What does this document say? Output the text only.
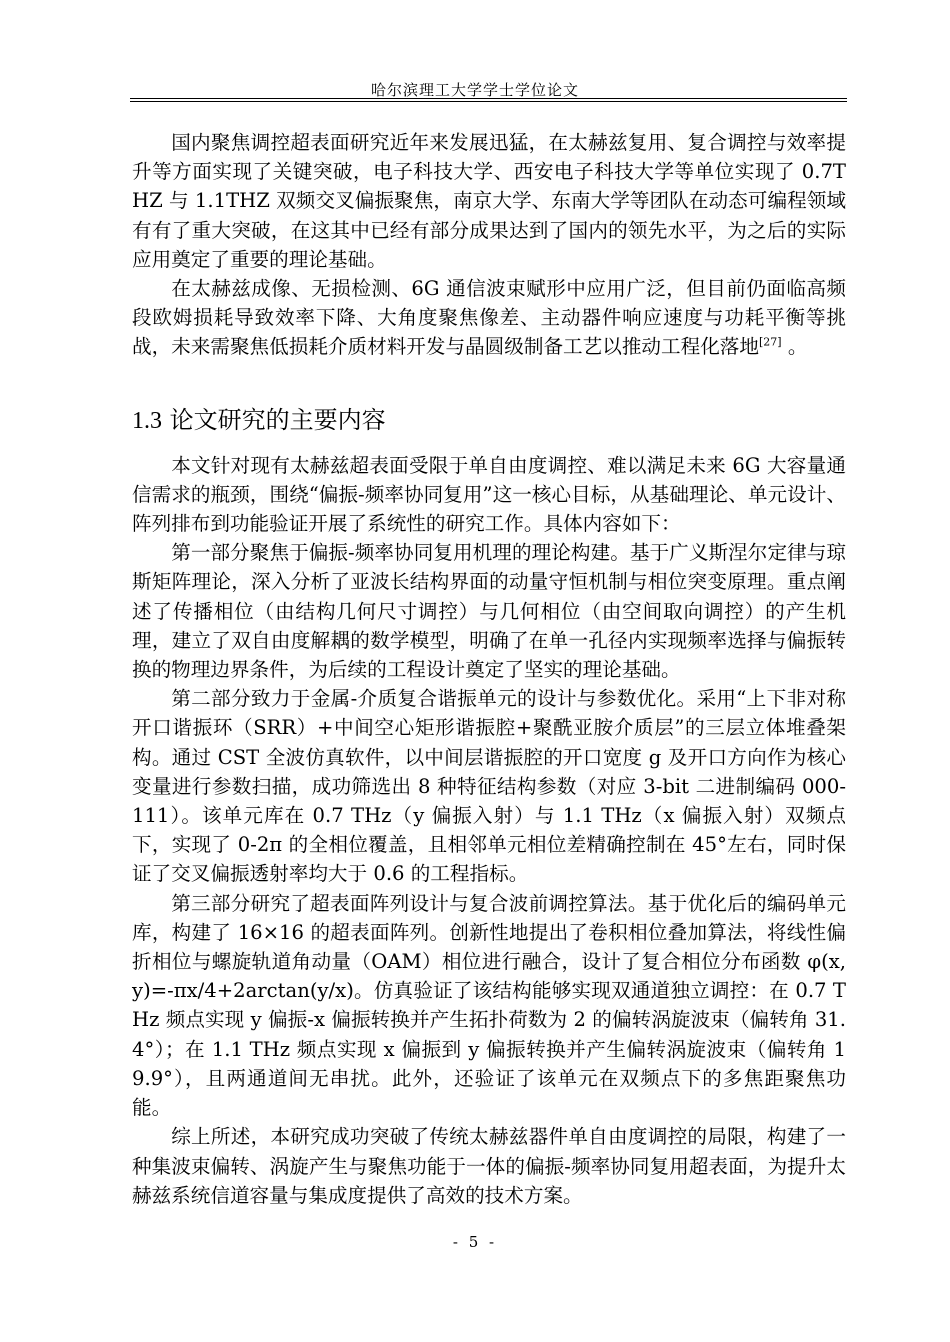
哈尔滨理工大学学士学位论文

国内聚焦调控超表面研究近年来发展迅猛，在太赫兹复用、复合调控与效率提升等方面实现了关键突破，电子科技大学、西安电子科技大学等单位实现了 0.7THZ 与 1.1THZ 双频交叉偏振聚焦，南京大学、东南大学等团队在动态可编程领域有有了重大突破，在这其中已经有部分成果达到了国内的领先水平，为之后的实际应用奠定了重要的理论基础。

在太赫兹成像、无损检测、6G 通信波束赋形中应用广泛，但目前仍面临高频段欧姆损耗导致效率下降、大角度聚焦像差、主动器件响应速度与功耗平衡等挑战，未来需聚焦低损耗介质材料开发与晶圆级制备工艺以推动工程化落地[27] 。

1.3 论文研究的主要内容

本文针对现有太赫兹超表面受限于单自由度调控、难以满足未来 6G 大容量通信需求的瓶颈，围绕“偏振-频率协同复用”这一核心目标，从基础理论、单元设计、阵列排布到功能验证开展了系统性的研究工作。具体内容如下：

第一部分聚焦于偏振-频率协同复用机理的理论构建。基于广义斯涅尔定律与琼斯矩阵理论，深入分析了亚波长结构界面的动量守恒机制与相位突变原理。重点阐述了传播相位（由结构几何尺寸调控）与几何相位（由空间取向调控）的产生机理，建立了双自由度解耦的数学模型，明确了在单一孔径内实现频率选择与偏振转换的物理边界条件，为后续的工程设计奠定了坚实的理论基础。

第二部分致力于金属-介质复合谐振单元的设计与参数优化。采用“上下非对称开口谐振环（SRR）+中间空心矩形谐振腔+聚酰亚胺介质层”的三层立体堆叠架构。通过 CST 全波仿真软件，以中间层谐振腔的开口宽度 g 及开口方向作为核心变量进行参数扫描，成功筛选出 8 种特征结构参数（对应 3-bit 二进制编码 000-111）。该单元库在 0.7 THz（y 偏振入射）与 1.1 THz（x 偏振入射）双频点下，实现了 0-2π 的全相位覆盖，且相邻单元相位差精确控制在 45°左右，同时保证了交叉偏振透射率均大于 0.6 的工程指标。

第三部分研究了超表面阵列设计与复合波前调控算法。基于优化后的编码单元库，构建了 16×16 的超表面阵列。创新性地提出了卷积相位叠加算法，将线性偏折相位与螺旋轨道角动量（OAM）相位进行融合，设计了复合相位分布函数 φ(x,y)=-πx/4+2arctan(y/x)。仿真验证了该结构能够实现双通道独立调控：在 0.7 THz 频点实现 y 偏振-x 偏振转换并产生拓扑荷数为 2 的偏转涡旋波束（偏转角 31.4°）；在 1.1 THz 频点实现 x 偏振到 y 偏振转换并产生偏转涡旋波束（偏转角 19.9°），且两通道间无串扰。此外，还验证了该单元在双频点下的多焦距聚焦功能。

综上所述，本研究成功突破了传统太赫兹器件单自由度调控的局限，构建了一种集波束偏转、涡旋产生与聚焦功能于一体的偏振-频率协同复用超表面，为提升太赫兹系统信道容量与集成度提供了高效的技术方案。

- 5 -
